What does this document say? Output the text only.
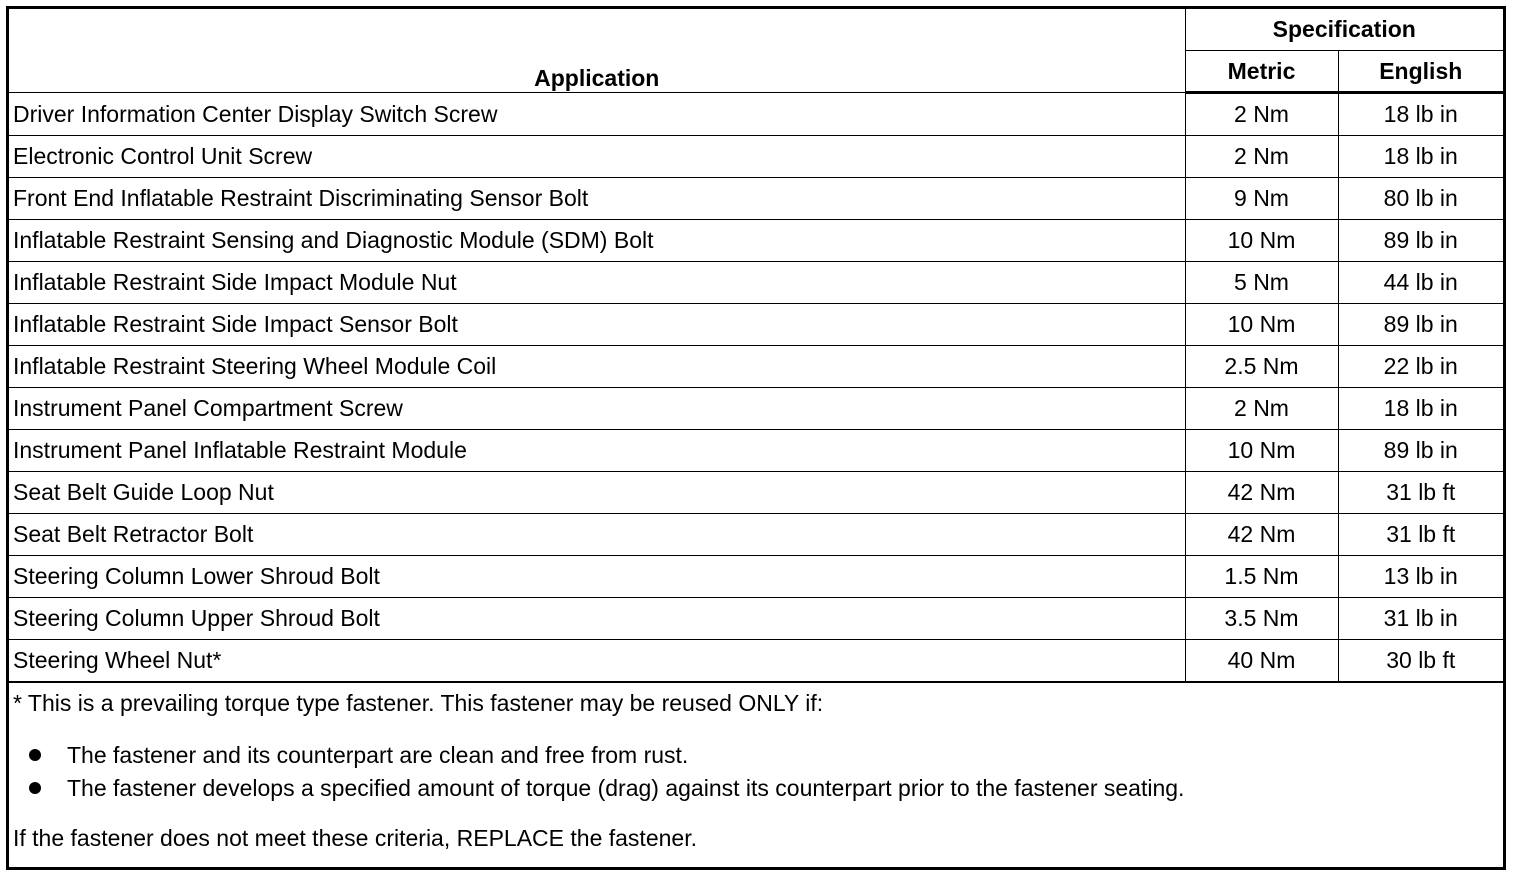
Application	Specification	
	Metric	English
Driver Information Center Display Switch Screw	2 Nm	18 lb in
Electronic Control Unit Screw	2 Nm	18 lb in
Front End Inflatable Restraint Discriminating Sensor Bolt	9 Nm	80 lb in
Inflatable Restraint Sensing and Diagnostic Module (SDM) Bolt	10 Nm	89 lb in
Inflatable Restraint Side Impact Module Nut	5 Nm	44 lb in
Inflatable Restraint Side Impact Sensor Bolt	10 Nm	89 lb in
Inflatable Restraint Steering Wheel Module Coil	2.5 Nm	22 lb in
Instrument Panel Compartment Screw	2 Nm	18 lb in
Instrument Panel Inflatable Restraint Module	10 Nm	89 lb in
Seat Belt Guide Loop Nut	42 Nm	31 lb ft
Seat Belt Retractor Bolt	42 Nm	31 lb ft
Steering Column Lower Shroud Bolt	1.5 Nm	13 lb in
Steering Column Upper Shroud Bolt	3.5 Nm	31 lb in
Steering Wheel Nut*	40 Nm	30 lb ft

* This is a prevailing torque type fastener. This fastener may be reused ONLY if:

The fastener and its counterpart are clean and free from rust.
The fastener develops a specified amount of torque (drag) against its counterpart prior to the fastener seating.

If the fastener does not meet these criteria, REPLACE the fastener.
